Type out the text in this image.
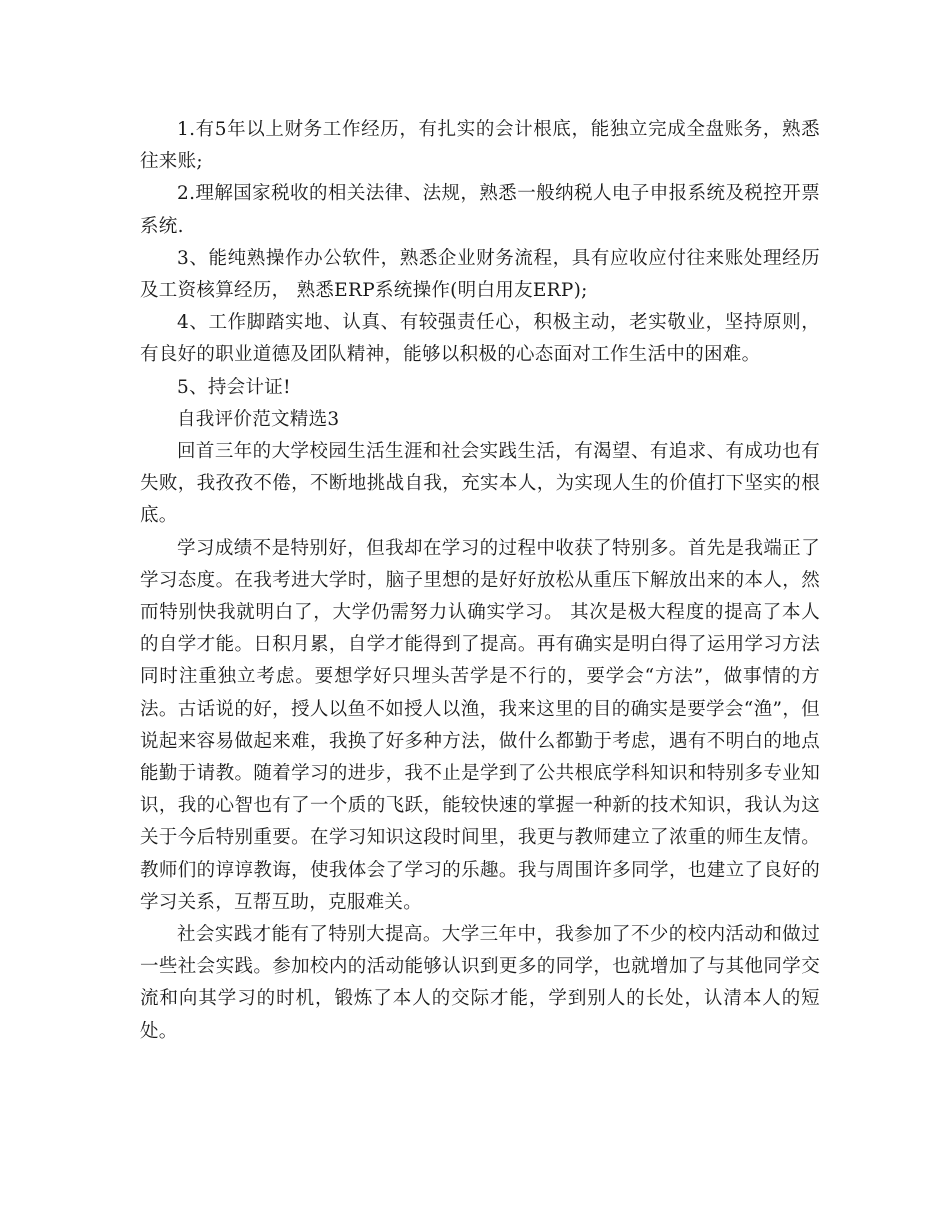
1.有5年以上财务工作经历，有扎实的会计根底，能独立完成全盘账务，熟悉往来账;

2.理解国家税收的相关法律、法规，熟悉一般纳税人电子申报系统及税控开票系统.

3、能纯熟操作办公软件，熟悉企业财务流程，具有应收应付往来账处理经历及工资核算经历， 熟悉ERP系统操作(明白用友ERP);

4、工作脚踏实地、认真、有较强责任心，积极主动，老实敬业，坚持原则，有良好的职业道德及团队精神，能够以积极的心态面对工作生活中的困难。

5、持会计证!

自我评价范文精选3

回首三年的大学校园生活生涯和社会实践生活，有渴望、有追求、有成功也有失败，我孜孜不倦，不断地挑战自我，充实本人，为实现人生的价值打下坚实的根底。

学习成绩不是特别好，但我却在学习的过程中收获了特别多。首先是我端正了学习态度。在我考进大学时，脑子里想的是好好放松从重压下解放出来的本人，然而特别快我就明白了，大学仍需努力认确实学习。 其次是极大程度的提高了本人的自学才能。日积月累，自学才能得到了提高。再有确实是明白得了运用学习方法同时注重独立考虑。要想学好只埋头苦学是不行的，要学会“方法”，做事情的方法。古话说的好，授人以鱼不如授人以渔，我来这里的目的确实是要学会“渔”，但说起来容易做起来难，我换了好多种方法，做什么都勤于考虑，遇有不明白的地点能勤于请教。随着学习的进步，我不止是学到了公共根底学科知识和特别多专业知识，我的心智也有了一个质的飞跃，能较快速的掌握一种新的技术知识，我认为这关于今后特别重要。在学习知识这段时间里，我更与教师建立了浓重的师生友情。教师们的谆谆教诲，使我体会了学习的乐趣。我与周围许多同学，也建立了良好的学习关系，互帮互助，克服难关。

社会实践才能有了特别大提高。大学三年中，我参加了不少的校内活动和做过一些社会实践。参加校内的活动能够认识到更多的同学，也就增加了与其他同学交流和向其学习的时机，锻炼了本人的交际才能，学到别人的长处，认清本人的短处。
